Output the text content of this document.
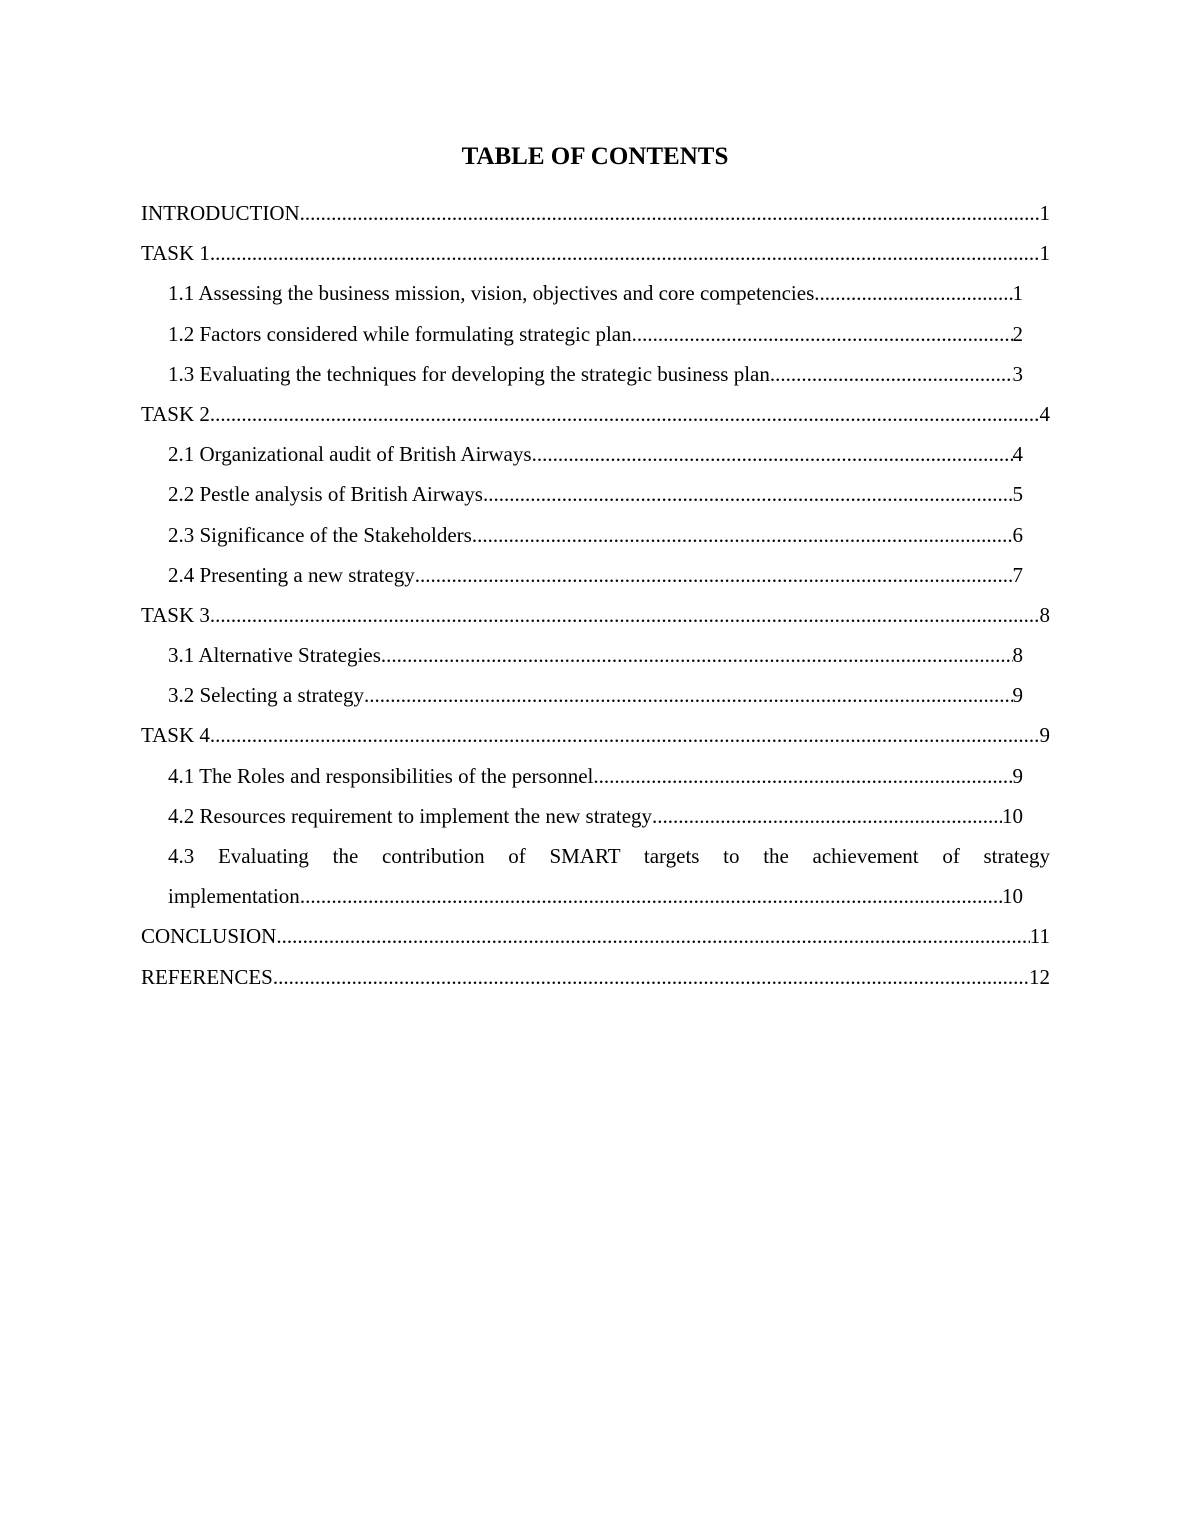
TABLE OF CONTENTS
INTRODUCTION .....	1
TASK 1 .....	1
1.1 Assessing the business mission, vision, objectives and core competencies .....	1
1.2 Factors considered while formulating strategic plan .....	2
1.3 Evaluating the techniques for developing the strategic business plan .....	3
TASK 2 .....	4
2.1 Organizational audit of British Airways .....	4
2.2 Pestle analysis of British Airways .....	5
2.3 Significance of the Stakeholders .....	6
2.4 Presenting a new strategy .....	7
TASK 3 .....	8
3.1 Alternative Strategies .....	8
3.2 Selecting a strategy .....	9
TASK 4 .....	9
4.1 The Roles and responsibilities of the personnel .....	9
4.2 Resources requirement to implement the new strategy .....	10
4.3 Evaluating the contribution of SMART targets to the achievement of strategy
implementation .....	10
CONCLUSION .....	11
REFERENCES .....	12
